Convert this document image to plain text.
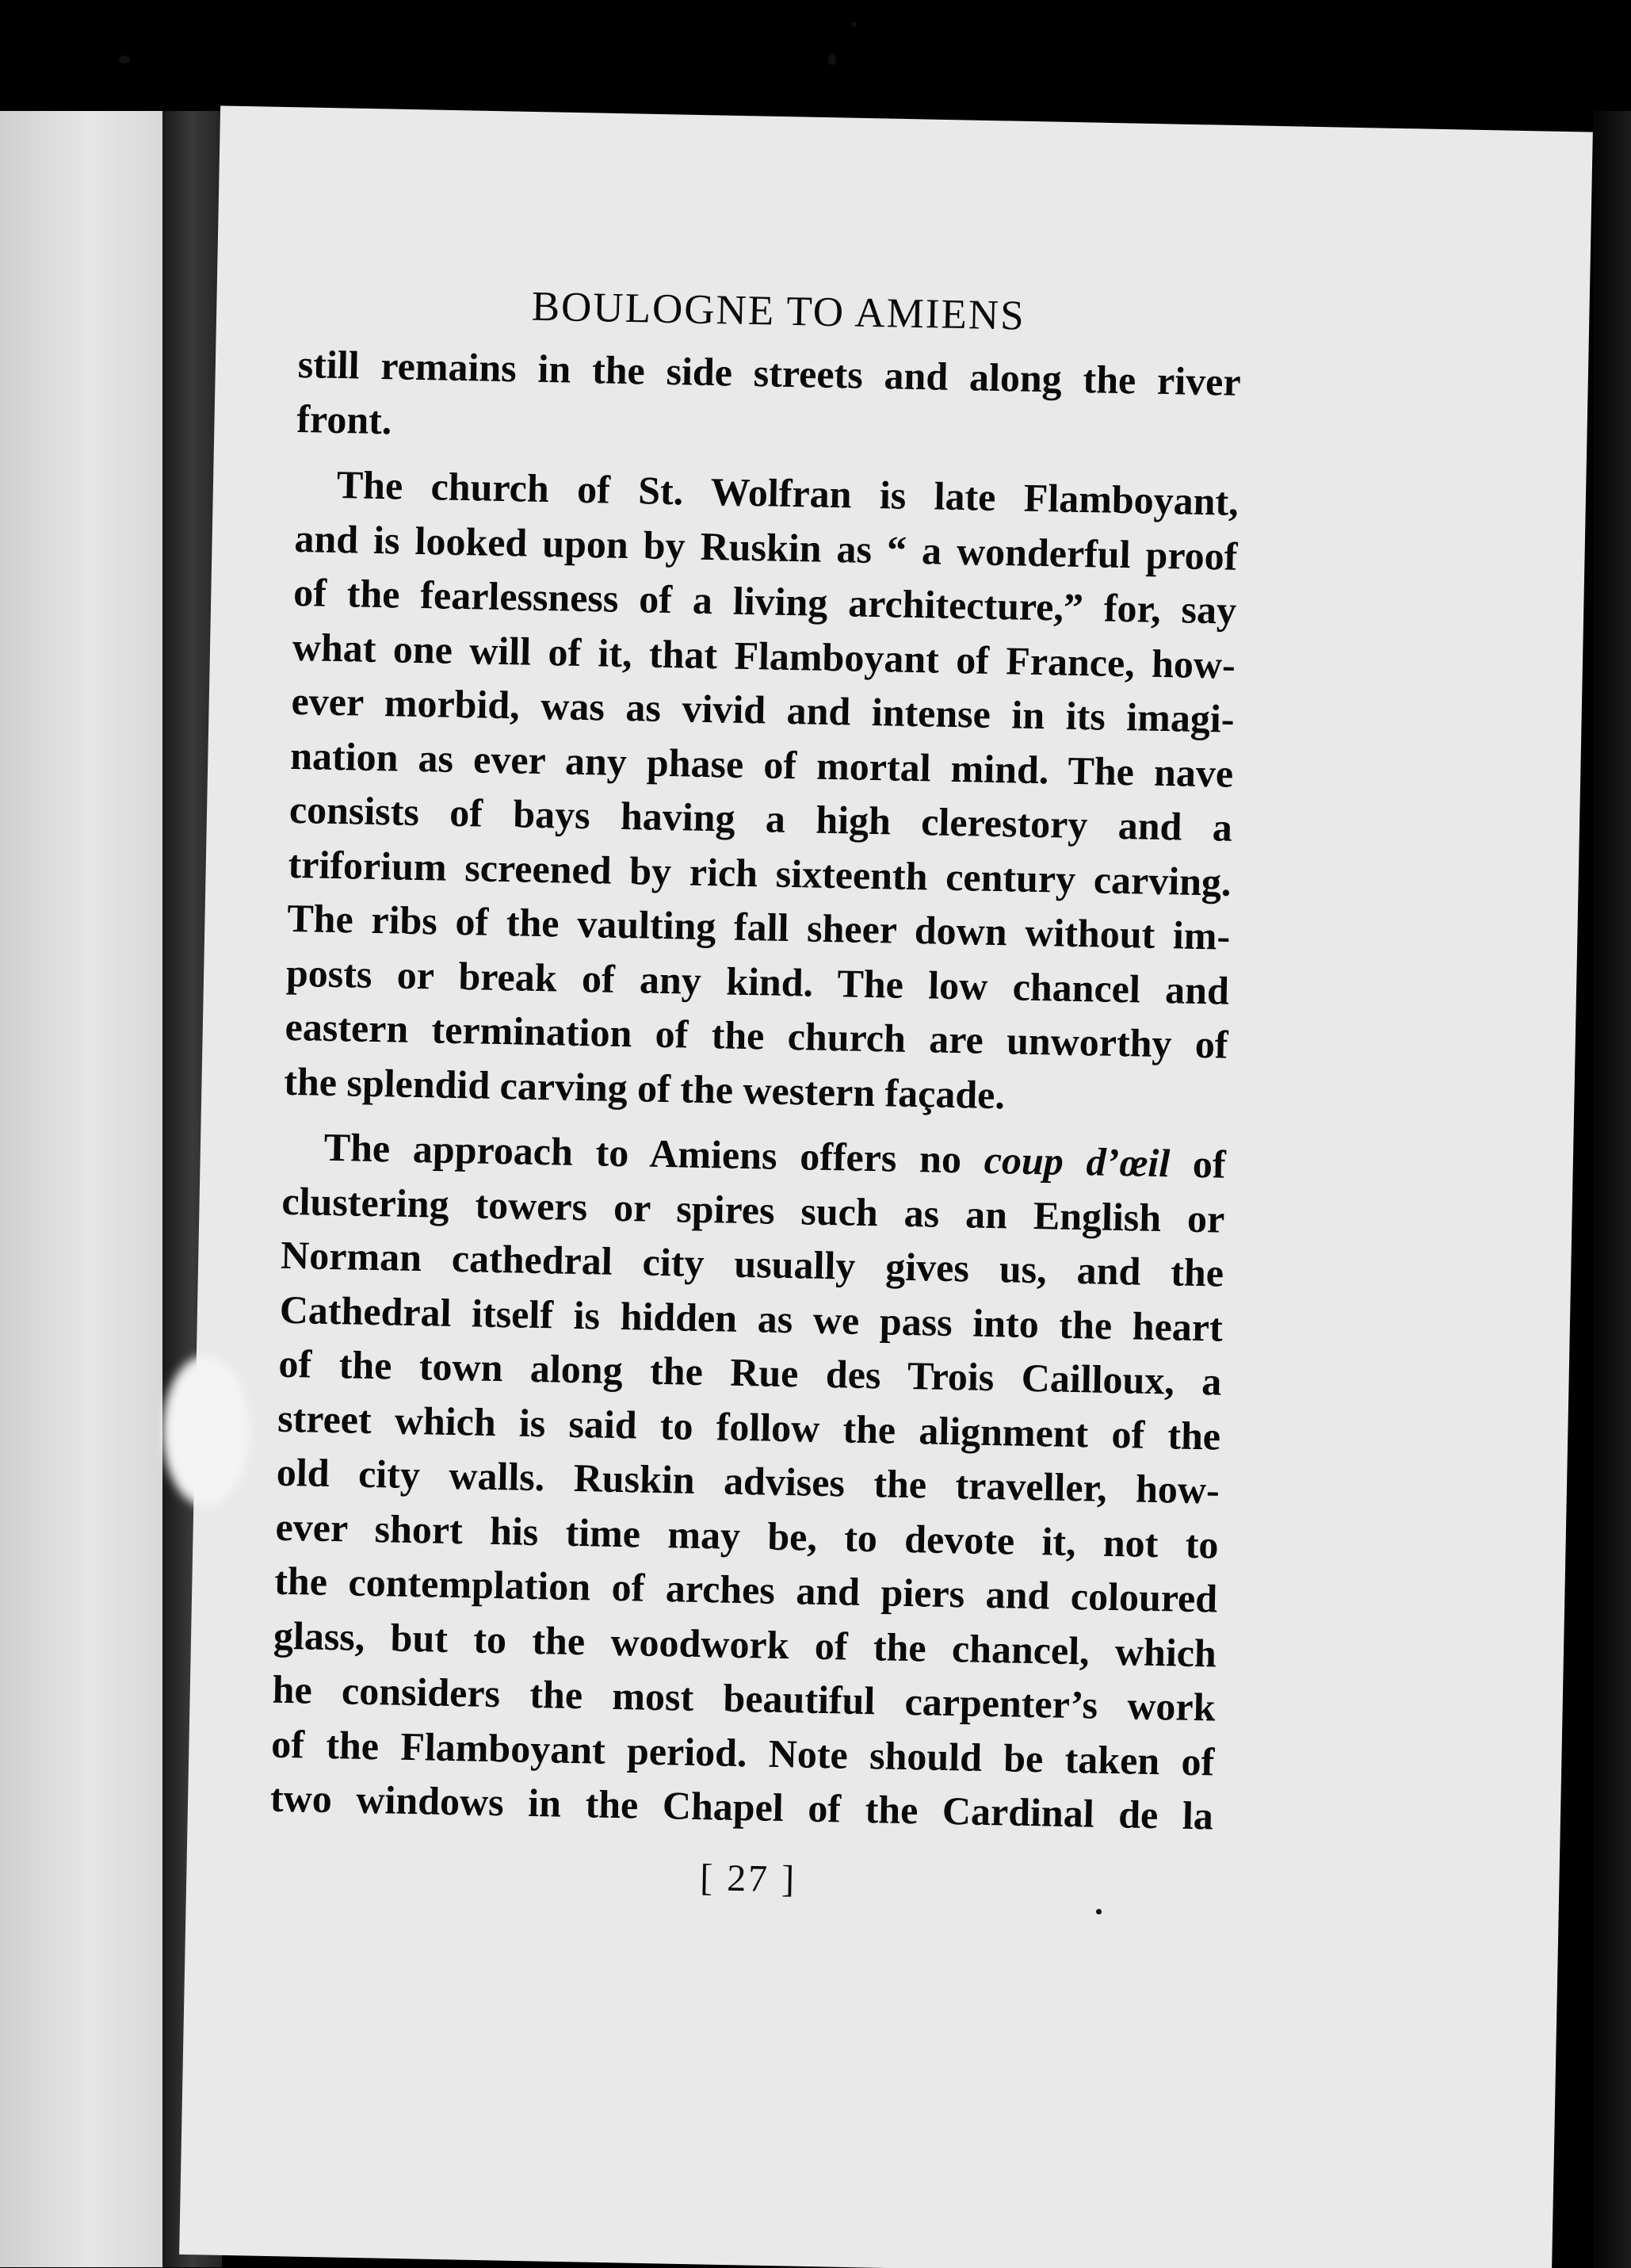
BOULOGNE TO AMIENS
still remains in the side streets and along the river
front.
The church of St. Wolfran is late Flamboyant,
and is looked upon by Ruskin as “ a wonderful proof
of the fearlessness of a living architecture,” for, say
what one will of it, that Flamboyant of France, how-
ever morbid, was as vivid and intense in its imagi-
nation as ever any phase of mortal mind. The nave
consists of bays having a high clerestory and a
triforium screened by rich sixteenth century carving.
The ribs of the vaulting fall sheer down without im-
posts or break of any kind. The low chancel and
eastern termination of the church are unworthy of
the splendid carving of the western façade.
The approach to Amiens offers no coup d’œil of
clustering towers or spires such as an English or
Norman cathedral city usually gives us, and the
Cathedral itself is hidden as we pass into the heart
of the town along the Rue des Trois Cailloux, a
street which is said to follow the alignment of the
old city walls. Ruskin advises the traveller, how-
ever short his time may be, to devote it, not to
the contemplation of arches and piers and coloured
glass, but to the woodwork of the chancel, which
he considers the most beautiful carpenter’s work
of the Flamboyant period. Note should be taken of
two windows in the Chapel of the Cardinal de la
[ 27 ]
